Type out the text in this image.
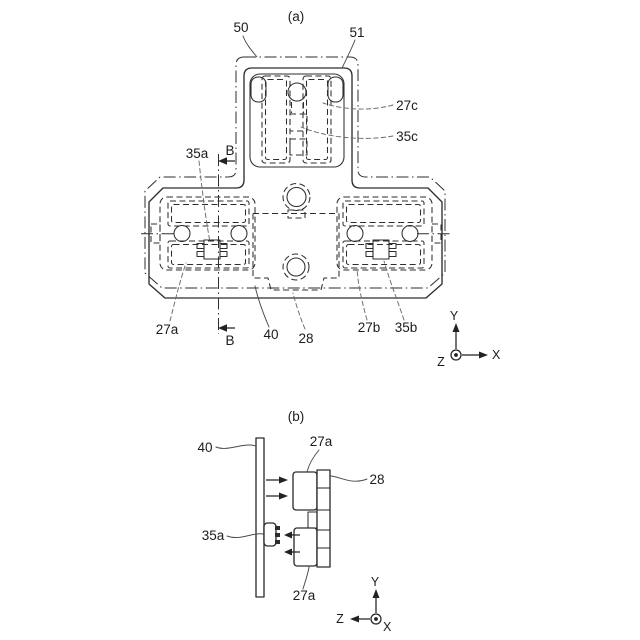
(a)
50	51
27c
35c
35a B
B
27a	40 28
27b 35b
Y
X
Z
(b)
40	27a
28
35a
27a
Y
Z
X
